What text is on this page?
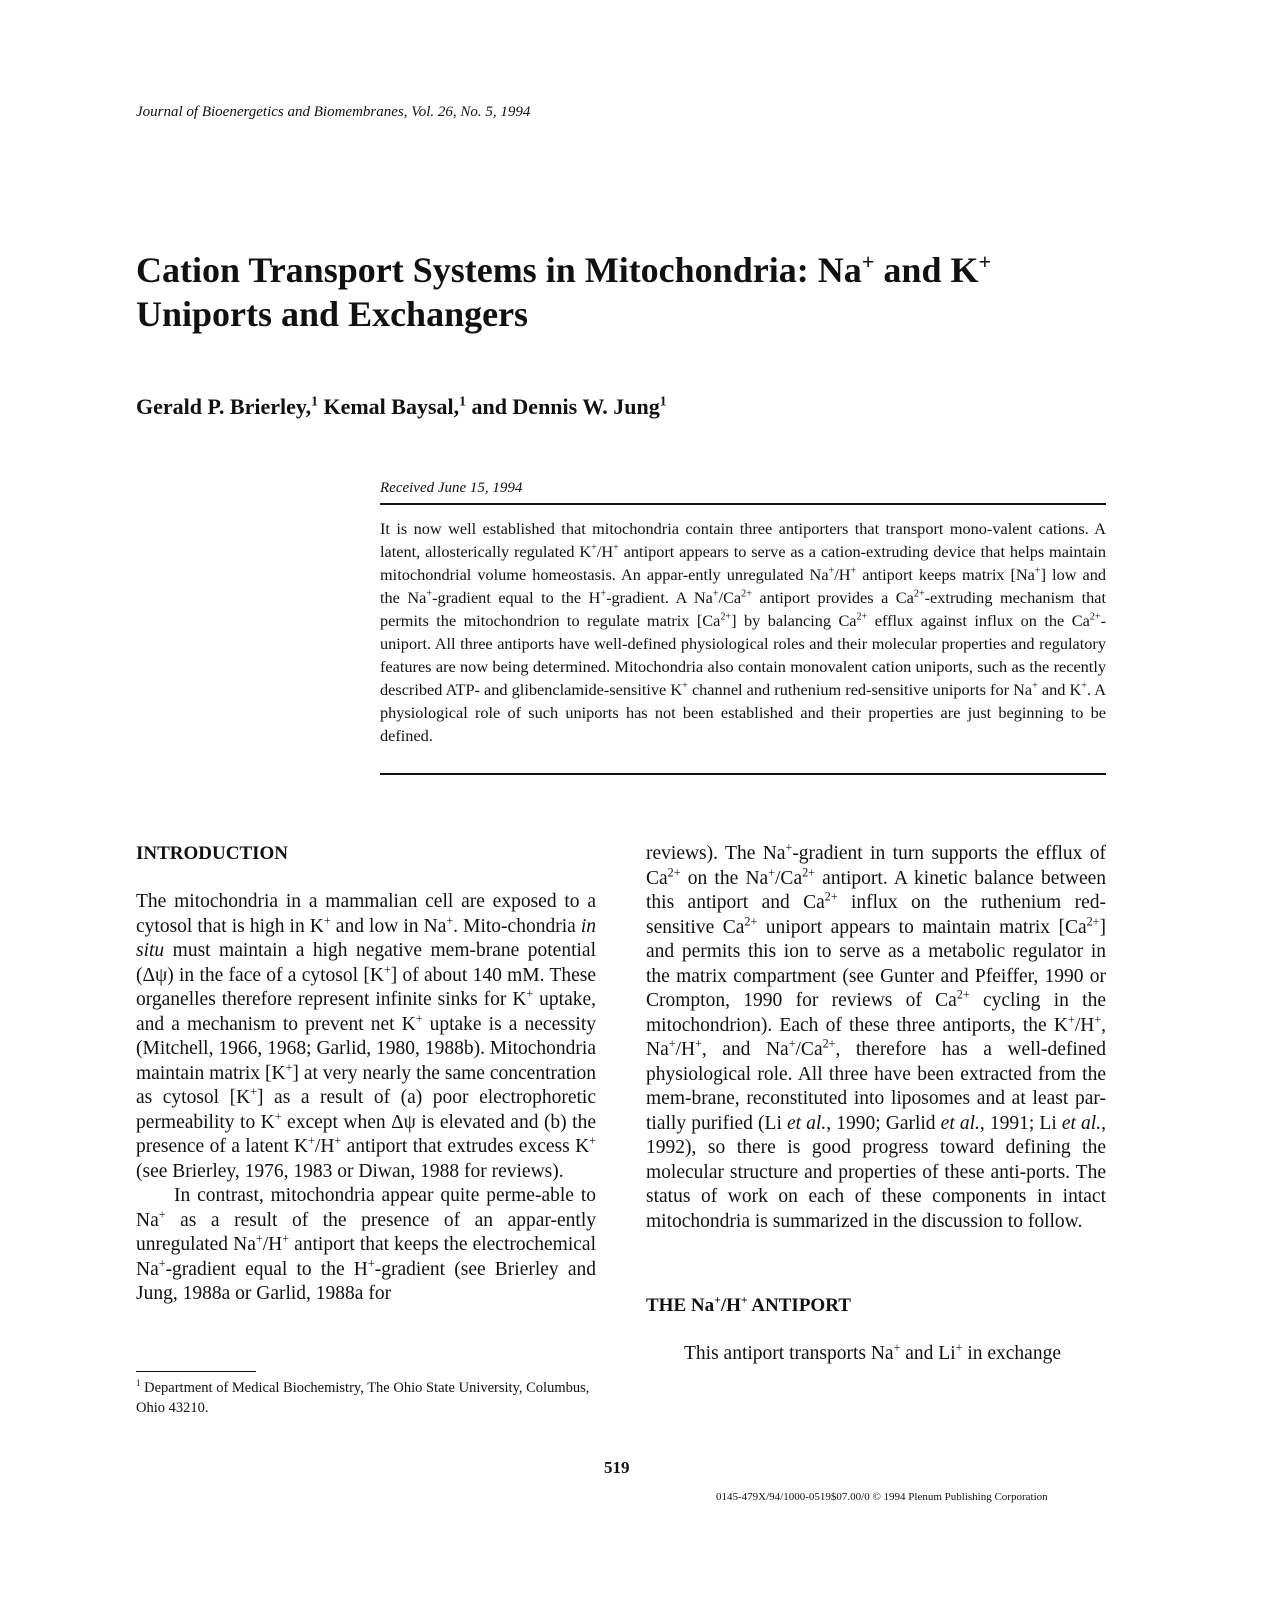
Journal of Bioenergetics and Biomembranes, Vol. 26, No. 5, 1994
Cation Transport Systems in Mitochondria: Na+ and K+
Uniports and Exchangers
Gerald P. Brierley,$^1$ Kemal Baysal,$^1$ and Dennis W. Jung$^1$
Received June 15, 1994

It is now well established that mitochondria contain three antiporters that transport mono-valent cations. A latent, allosterically regulated K+/H+ antiport appears to serve as a cation-extruding device that helps maintain mitochondrial volume homeostasis. An appar-ently unregulated Na+/H+ antiport keeps matrix [Na+] low and the Na+-gradient equal to the H+-gradient. A $Na^+/Ca^{2+}$ antiport provides a $Ca^{2+}$-extruding mechanism that permits the mitochondrion to regulate matrix $[Ca^{2+}]$ by balancing $Ca^{2+}$ efflux against influx on the $Ca^{2+}$-uniport. All three antiports have well-defined physiological roles and their molecular properties and regulatory features are now being determined. Mitochondria also contain monovalent cation uniports, such as the recently described ATP- and glibenclamide-sensitive K+ channel and ruthenium red-sensitive uniports for Na+ and K+. A physiological role of such uniports has not been established and their properties are just beginning to be defined.

INTRODUCTION

The mitochondria in a mammalian cell are exposed to a cytosol that is high in K+ and low in Na+. Mito-chondria in situ must maintain a high negative mem-brane potential (Δψ) in the face of a cytosol [K+] of about 140 mM. These organelles therefore represent infinite sinks for K+ uptake, and a mechanism to prevent net K+ uptake is a necessity (Mitchell, 1966, 1968; Garlid, 1980, 1988b). Mitochondria maintain matrix [K+] at very nearly the same concentration as cytosol [K+] as a result of (a) poor electrophoretic permeability to K+ except when Δψ is elevated and (b) the presence of a latent K+/H+ antiport that extrudes excess K+ (see Brierley, 1976, 1983 or Diwan, 1988 for reviews).

In contrast, mitochondria appear quite perme-able to Na+ as a result of the presence of an appar-ently unregulated Na+/H+ antiport that keeps the electrochemical Na+-gradient equal to the H+-gradient (see Brierley and Jung, 1988a or Garlid, 1988a for

reviews). The Na+-gradient in turn supports the efflux of $Ca^{2+}$ on the $Na^+/Ca^{2+}$ antiport. A kinetic balance between this antiport and $Ca^{2+}$ influx on the ruthenium red-sensitive $Ca^{2+}$ uniport appears to maintain matrix $[Ca^{2+}]$ and permits this ion to serve as a metabolic regulator in the matrix compartment (see Gunter and Pfeiffer, 1990 or Crompton, 1990 for reviews of $Ca^{2+}$ cycling in the mitochondrion). Each of these three antiports, the K+/H+, Na+/H+, and $Na^+/Ca^{2+}$, therefore has a well-defined physiological role. All three have been extracted from the mem-brane, reconstituted into liposomes and at least par-tially purified (Li et al., 1990; Garlid et al., 1991; Li et al., 1992), so there is good progress toward defining the molecular structure and properties of these anti-ports. The status of work on each of these components in intact mitochondria is summarized in the discussion to follow.

THE Na+/H+ ANTIPORT

This antiport transports Na+ and Li+ in exchange

$^1$ Department of Medical Biochemistry, The Ohio State University, Columbus, Ohio 43210.
519
0145-479X/94/1000-0519$07.00/0 © 1994 Plenum Publishing Corporation
